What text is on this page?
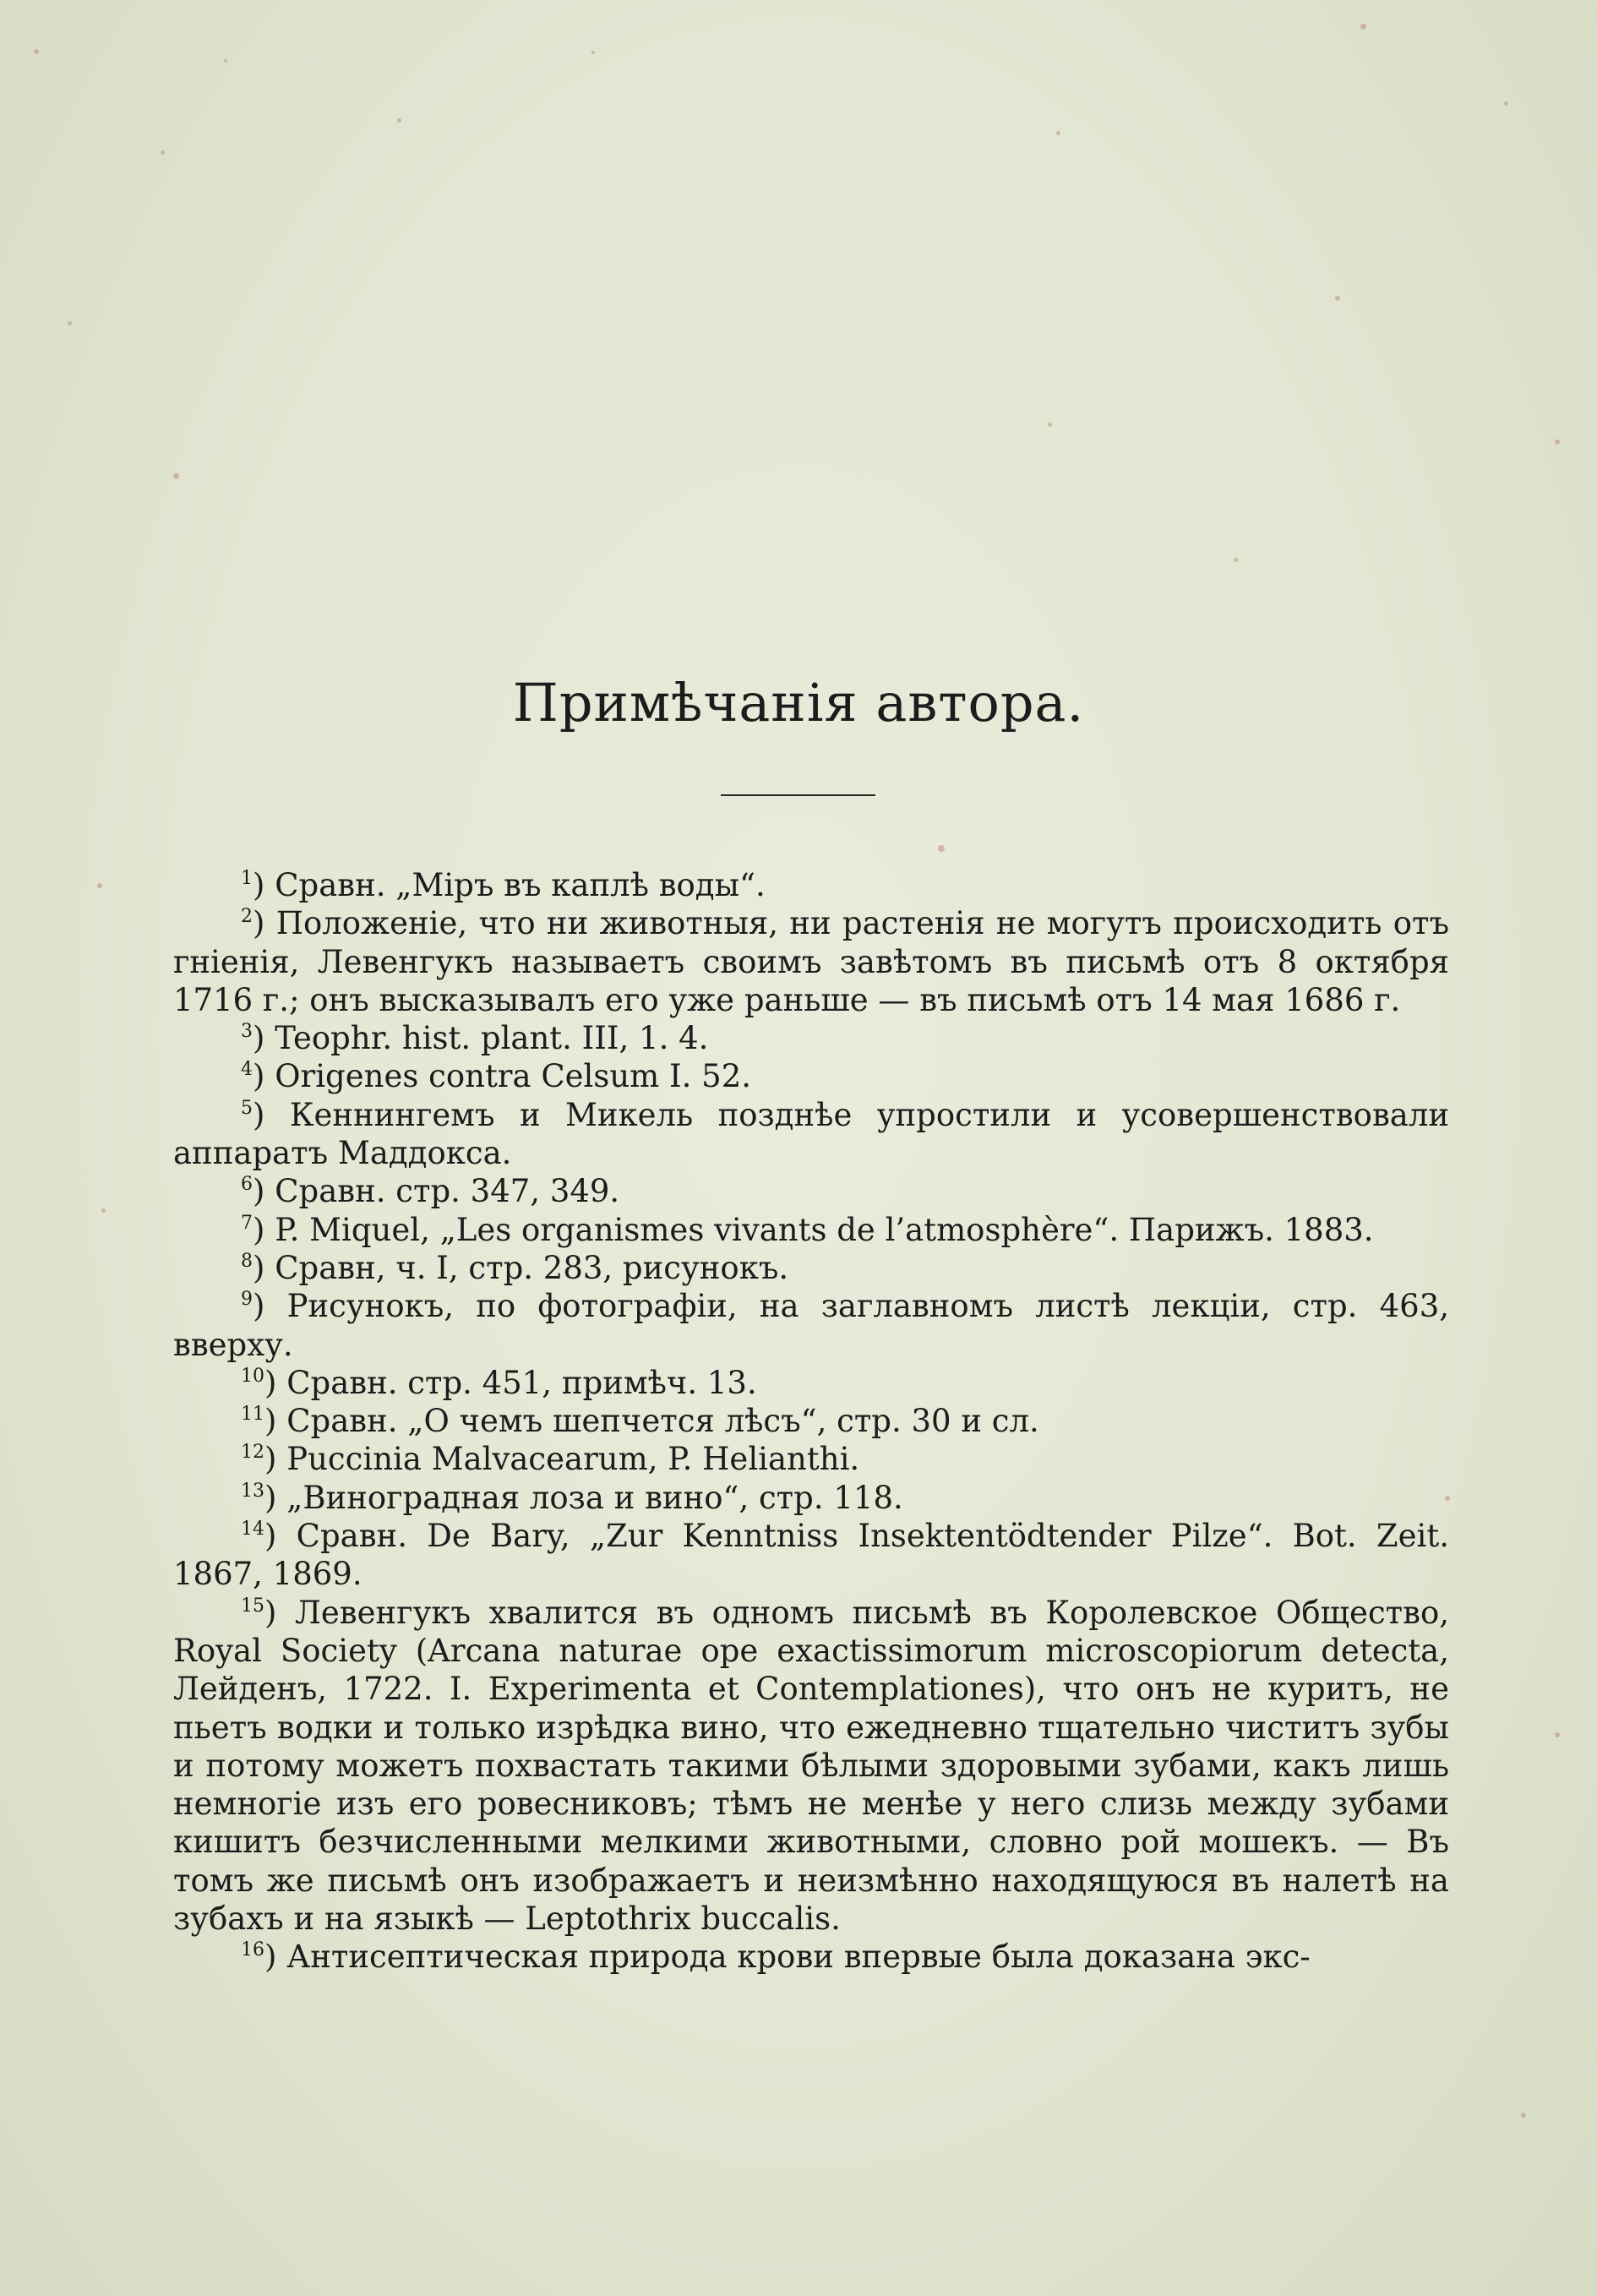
Примѣчанія автора.

$^1$) Сравн. „Міръ въ каплѣ воды“.

$^2$) Положеніе, что ни животныя, ни растенія не могутъ происходить отъ гніенія, Левенгукъ называетъ своимъ завѣтомъ въ письмѣ отъ 8 октября 1716 г.; онъ высказывалъ его уже раньше — въ письмѣ отъ 14 мая 1686 г.

$^3$) Teophr. hist. plant. III, 1. 4.

$^4$) Origenes contra Celsum I. 52.

$^5$) Кеннингемъ и Микель позднѣе упростили и усовершенствовали аппаратъ Маддокса.

$^6$) Сравн. стр. 347, 349.

$^7$) P. Miquel, „Les organismes vivants de l’atmosphère“. Парижъ. 1883.

$^8$) Сравн, ч. I, стр. 283, рисунокъ.

$^9$) Рисунокъ, по фотографіи, на заглавномъ листѣ лекціи, стр. 463, вверху.

$^{10}$) Сравн. стр. 451, примѣч. 13.

$^{11}$) Сравн. „О чемъ шепчется лѣсъ“, стр. 30 и сл.

$^{12}$) Puccinia Malvacearum, P. Helianthi.

$^{13}$) „Виноградная лоза и вино“, стр. 118.

$^{14}$) Сравн. De Bary, „Zur Kenntniss Insektentödtender Pilze“. Bot. Zeit. 1867, 1869.

$^{15}$) Левенгукъ хвалится въ одномъ письмѣ въ Королевское Общество, Royal Society (Arcana naturae ope exactissimorum microscopiorum detecta, Лейденъ, 1722. I. Experimenta et Contemplationes), что онъ не куритъ, не пьетъ водки и только изрѣдка вино, что ежедневно тщательно чиститъ зубы и потому можетъ похвастать такими бѣлыми здоровыми зубами, какъ лишь немногіе изъ его ровесниковъ; тѣмъ не менѣе у него слизь между зубами кишитъ безчисленными мелкими животными, словно рой мошекъ. — Въ томъ же письмѣ онъ изображаетъ и неизмѣнно находящуюся въ налетѣ на зубахъ и на языкѣ — Leptothrix buccalis.

$^{16}$) Антисептическая природа крови впервые была доказана экс-
